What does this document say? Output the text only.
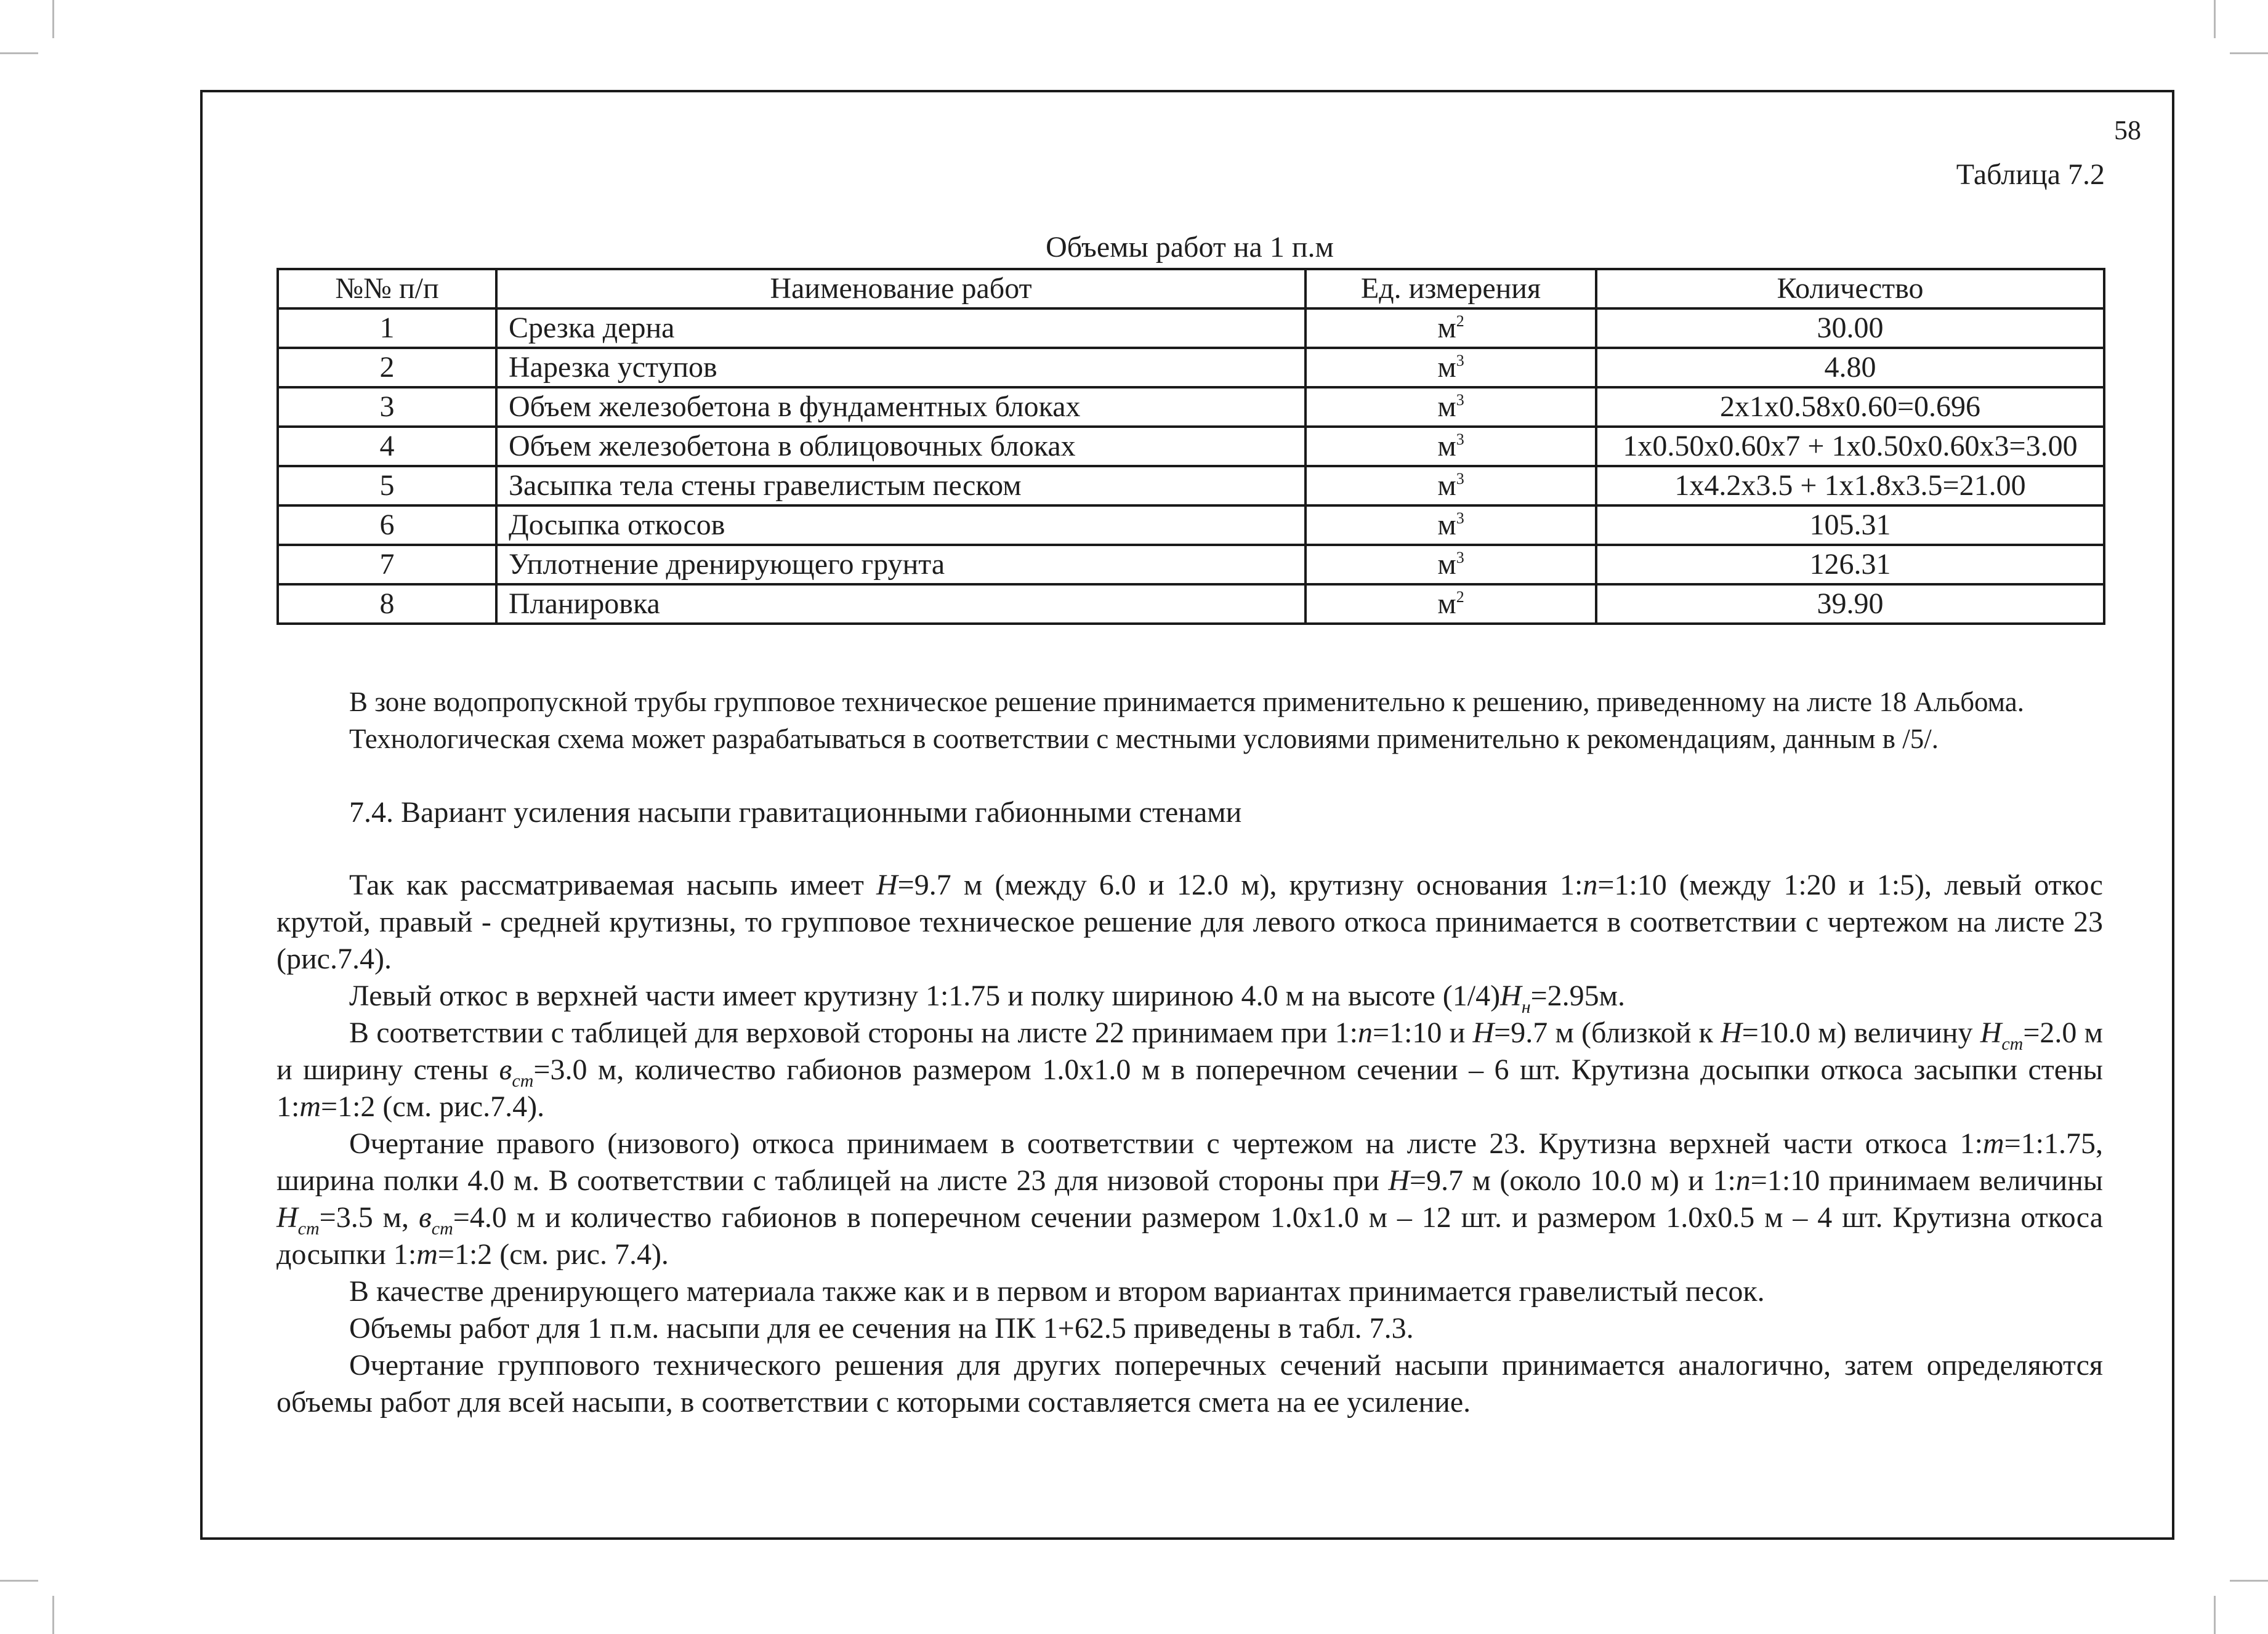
58
Таблица 7.2
Объемы работ на 1 п.м
№№ п/п	Наименование работ	Ед. измерения	Количество
1	Срезка дерна	$м^2$	30.00
2	Нарезка уступов	$м^3$	4.80
3	Объем железобетона в фундаментных блоках	$м^3$	2x1x0.58x0.60=0.696
4	Объем железобетона в облицовочных блоках	$м^3$	1x0.50x0.60x7 + 1x0.50x0.60x3=3.00
5	Засыпка тела стены гравелистым песком	$м^3$	1x4.2x3.5 + 1x1.8x3.5=21.00
6	Досыпка откосов	$м^3$	105.31
7	Уплотнение дренирующего грунта	$м^3$	126.31
8	Планировка	$м^2$	39.90

В зоне водопропускной трубы групповое техническое решение принимается применительно к решению, приведенному на листе 18 Альбома.

Технологическая схема может разрабатываться в соответствии с местными условиями применительно к рекомендациям, данным в /5/.

7.4. Вариант усиления насыпи гравитационными габионными стенами

Так как рассматриваемая насыпь имеет H=9.7 м (между 6.0 и 12.0 м), крутизну основания 1:n=1:10 (между 1:20 и 1:5), левый откос крутой, правый - средней крутизны, то групповое техническое решение для левого откоса принимается в соответствии с чертежом на листе 23 (рис.7.4).

Левый откос в верхней части имеет крутизну 1:1.75 и полку шириною 4.0 м на высоте $(1/4)H_н=2.95м$.

В соответствии с таблицей для верховой стороны на листе 22 принимаем при 1:n=1:10 и H=9.7 м (близкой к H=10.0 м) величину $H_{ст}=2.0$ м и ширину стены $в_{ст}=3.0$ м, количество габионов размером 1.0х1.0 м в поперечном сечении – 6 шт. Крутизна досыпки откоса засыпки стены 1:m=1:2 (см. рис.7.4).

Очертание правого (низового) откоса принимаем в соответствии с чертежом на листе 23. Крутизна верхней части откоса 1:m=1:1.75, ширина полки 4.0 м. В соответствии с таблицей на листе 23 для низовой стороны при H=9.7 м (около 10.0 м) и 1:n=1:10 принимаем величины $H_{ст}=3.5$ м, $в_{ст}=4.0$ м и количество габионов в поперечном сечении размером 1.0х1.0 м – 12 шт. и размером 1.0х0.5 м – 4 шт. Крутизна откоса досыпки 1:m=1:2 (см. рис. 7.4).

В качестве дренирующего материала также как и в первом и втором вариантах принимается гравелистый песок.

Объемы работ для 1 п.м. насыпи для ее сечения на ПК 1+62.5 приведены в табл. 7.3.

Очертание группового технического решения для других поперечных сечений насыпи принимается аналогично, затем определяются объемы работ для всей насыпи, в соответствии с которыми составляется смета на ее усиление.
